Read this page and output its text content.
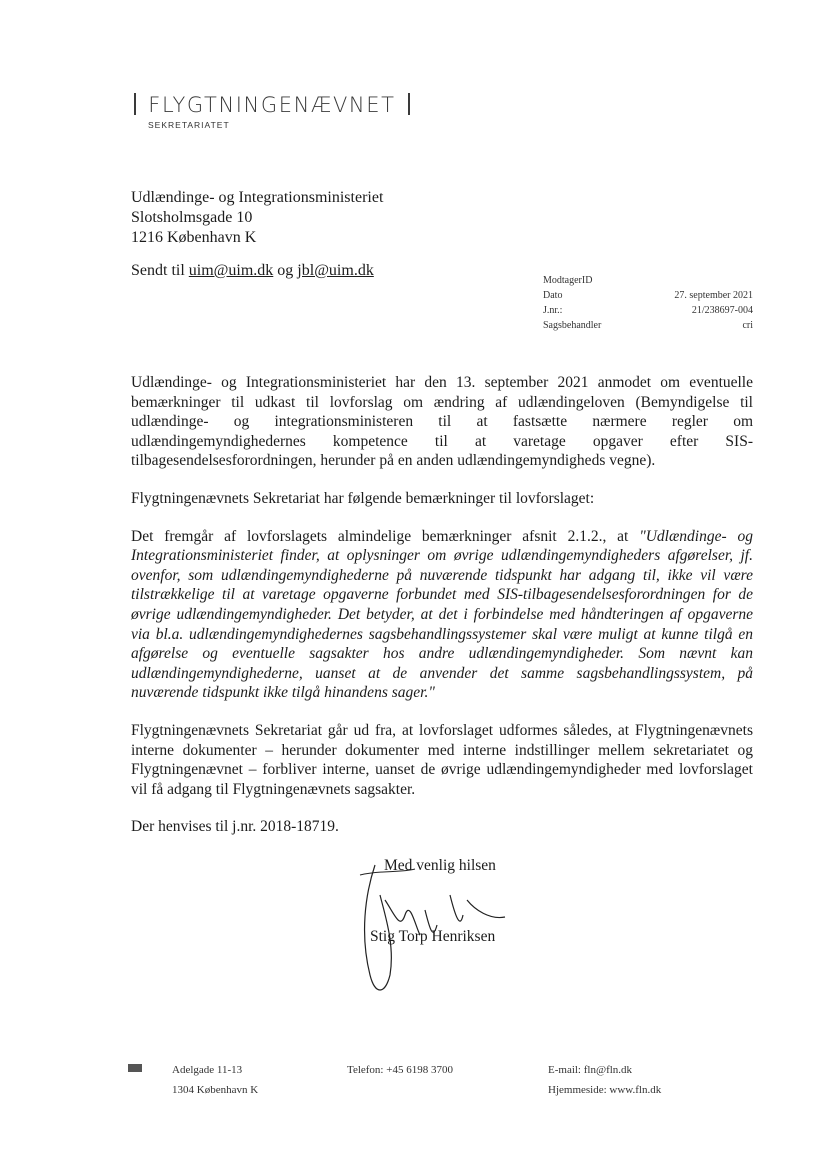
FLYGTNINGENÆVNET
SEKRETARIATET
Udlændinge- og Integrationsministeriet
Slotsholmsgade 10
1216 København K
Sendt til uim@uim.dk og jbl@uim.dk
ModtagerID
Dato	27. september 2021
J.nr.:	21/238697-004
Sagsbehandler	cri

Udlændinge- og Integrationsministeriet har den 13. september 2021 anmodet om eventuelle bemærkninger til udkast til lovforslag om ændring af udlændingeloven (Bemyndigelse til udlændinge- og integrationsministeren til at fastsætte nærmere regler om udlændingemyndighedernes kompetence til at varetage opgaver efter SIS-tilbagesendelsesforordningen, herunder på en anden udlændingemyndigheds vegne).

Flygtningenævnets Sekretariat har følgende bemærkninger til lovforslaget:

Det fremgår af lovforslagets almindelige bemærkninger afsnit 2.1.2., at "Udlændinge- og Integrationsministeriet finder, at oplysninger om øvrige udlændingemyndigheders afgørelser, jf. ovenfor, som udlændingemyndighederne på nuværende tidspunkt har adgang til, ikke vil være tilstrækkelige til at varetage opgaverne forbundet med SIS-tilbagesendelsesforordningen for de øvrige udlændingemyndigheder. Det betyder, at det i forbindelse med håndteringen af opgaverne via bl.a. udlændingemyndighedernes sagsbehandlingssystemer skal være muligt at kunne tilgå en afgørelse og eventuelle sagsakter hos andre udlændingemyndigheder. Som nævnt kan udlændingemyndighederne, uanset at de anvender det samme sagsbehandlingssystem, på nuværende tidspunkt ikke tilgå hinandens sager."

Flygtningenævnets Sekretariat går ud fra, at lovforslaget udformes således, at Flygtningenævnets interne dokumenter – herunder dokumenter med interne indstillinger mellem sekretariatet og Flygtningenævnet – forbliver interne, uanset de øvrige udlændingemyndigheder med lovforslaget vil få adgang til Flygtningenævnets sagsakter.

Der henvises til j.nr. 2018-18719.

Med venlig hilsen
Stig Torp Henriksen
Adelgade 11-13
1304 København K
Telefon: +45 6198 3700	E-mail: fln@fln.dk
Hjemmeside: www.fln.dk
